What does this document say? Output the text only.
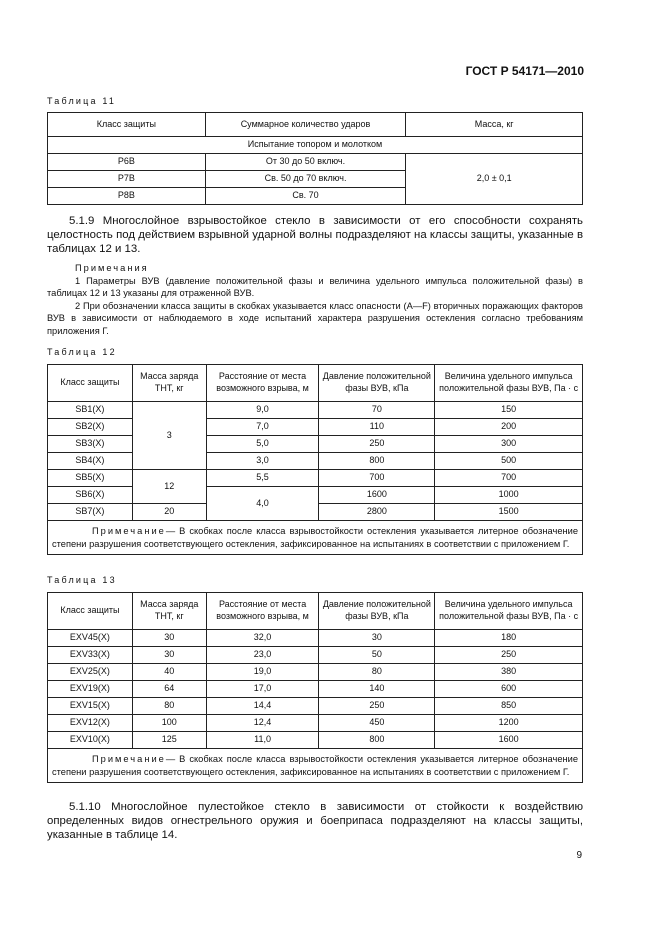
ГОСТ Р 54171—2010
Таблица 11
Класс защиты	Суммарное количество ударов	Масса, кг
Испытание топором и молотком		
Р6В	От 30 до 50 включ.	2,0 ± 0,1
Р7В	Св. 50 до 70 включ.	
Р8В	Св. 70	
5.1.9 Многослойное взрывостойкое стекло в зависимости от его способности сохранять целостность под действием взрывной ударной волны подразделяют на классы защиты, указанные в таблицах 12 и 13.
Примечания
1 Параметры ВУВ (давление положительной фазы и величина удельного импульса положительной фазы) в таблицах 12 и 13 указаны для отраженной ВУВ.
2 При обозначении класса защиты в скобках указывается класс опасности (А—F) вторичных поражающих факторов ВУВ в зависимости от наблюдаемого в ходе испытаний характера разрушения остекления согласно требованиям приложения Г.
Таблица 12
Класс защиты	Масса заряда ТНТ, кг	Расстояние от места возможного взрыва, м	Давление положительной фазы ВУВ, кПа	Величина удельного импульса положительной фазы ВУВ, Па · с
SB1(X)	3	9,0	70	150
SB2(X)		7,0	110	200
SB3(X)		5,0	250	300
SB4(X)		3,0	800	500
SB5(X)	12	5,5	700	700
SB6(X)		4,0	1600	1000
SB7(X)	20		2800	1500
Примечание— В скобках после класса взрывостойкости остекления указывается литерное обозначение степени разрушения соответствующего остекления, зафиксированное на испытаниях в соответствии с приложением Г.				
Таблица 13
Класс защиты	Масса заряда ТНТ, кг	Расстояние от места возможного взрыва, м	Давление положительной фазы ВУВ, кПа	Величина удельного импульса положительной фазы ВУВ, Па · с
EXV45(X)	30	32,0	30	180
EXV33(X)	30	23,0	50	250
EXV25(X)	40	19,0	80	380
EXV19(X)	64	17,0	140	600
EXV15(X)	80	14,4	250	850
EXV12(X)	100	12,4	450	1200
EXV10(X)	125	11,0	800	1600
Примечание— В скобках после класса взрывостойкости остекления указывается литерное обозначение степени разрушения соответствующего остекления, зафиксированное на испытаниях в соответствии с приложением Г.				
5.1.10 Многослойное пулестойкое стекло в зависимости от стойкости к воздействию определенных видов огнестрельного оружия и боеприпаса подразделяют на классы защиты, указанные в таблице 14.
9
